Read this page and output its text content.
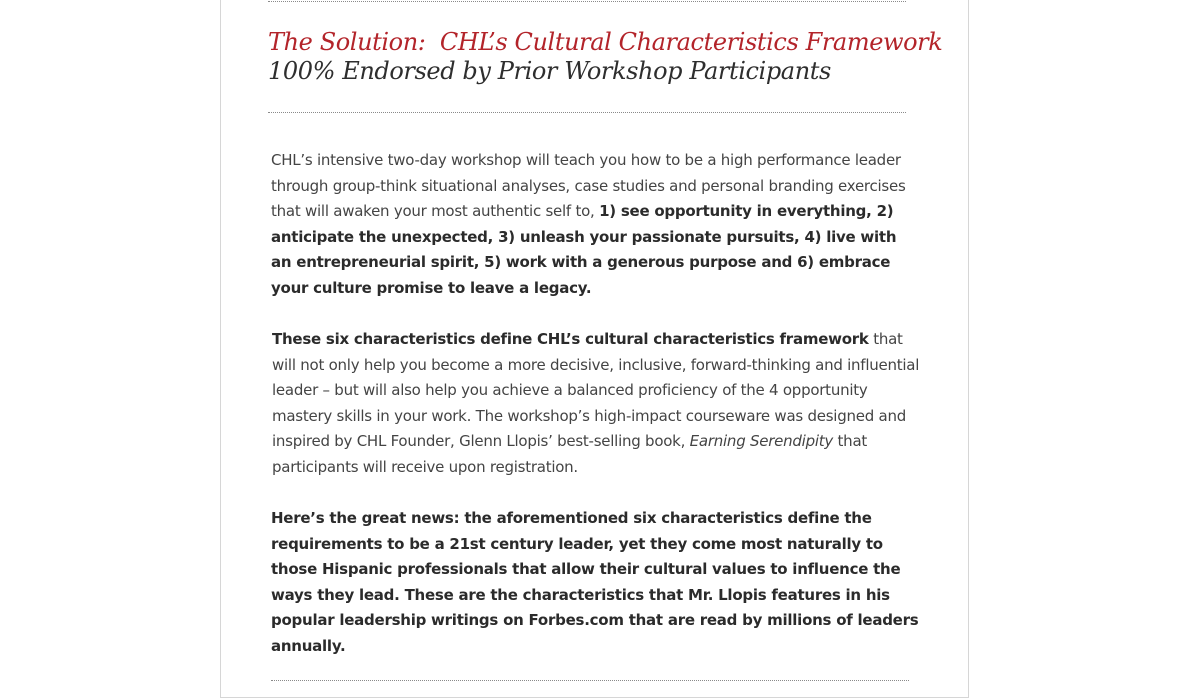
The Solution:  CHL’s Cultural Characteristics Framework
100% Endorsed by Prior Workshop Participants

CHL’s intensive two-day workshop will teach you how to be a high performance leader through group-think situational analyses, case studies and personal branding exercises that will awaken your most authentic self to, 1) see opportunity in everything, 2) anticipate the unexpected, 3) unleash your passionate pursuits, 4) live with an entrepreneurial spirit, 5) work with a generous purpose and 6) embrace your culture promise to leave a legacy.

These six characteristics define CHL’s cultural characteristics framework that will not only help you become a more decisive, inclusive, forward-thinking and influential leader – but will also help you achieve a balanced proficiency of the 4 opportunity mastery skills in your work. The workshop’s high-impact courseware was designed and inspired by CHL Founder, Glenn Llopis’ best-selling book, Earning Serendipity that participants will receive upon registration.

Here’s the great news: the aforementioned six characteristics define the requirements to be a 21st century leader, yet they come most naturally to those Hispanic professionals that allow their cultural values to influence the ways they lead. These are the characteristics that Mr. Llopis features in his popular leadership writings on Forbes.com that are read by millions of leaders annually.
